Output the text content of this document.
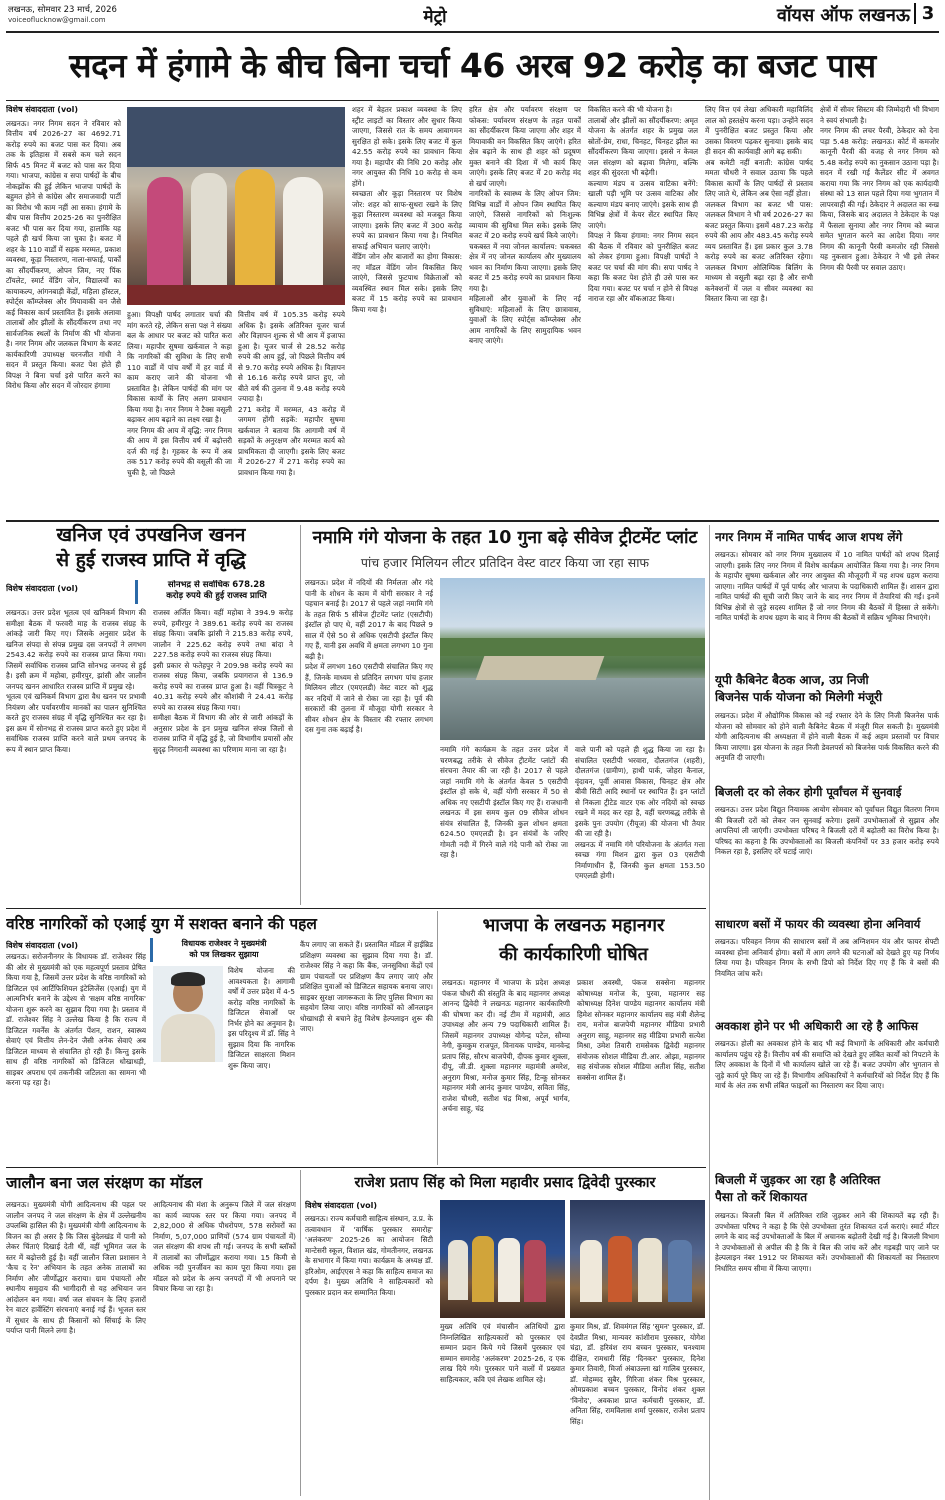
लखनऊ, सोमवार 23 मार्च, 2026
voiceoflucknow@gmail.com	मेट्रो	वॉयस ऑफ लखनऊ 3
सदन में हंगामे के बीच बिना चर्चा 46 अरब 92 करोड़ का बजट पास
विशेष संवाददाता (vol)
लखनऊ। नगर निगम सदन ने रविवार को वित्तीय वर्ष 2026-27 का 4692.71 करोड़ रुपये का बजट पास कर दिया। अब तक के इतिहास में सबसे कम चले सदन सिर्फ 45 मिनट में बजट को पास कर दिया गया। भाजपा, कांग्रेस व सपा पार्षदों के बीच नोकझोंक की हुई लेकिन भाजपा पार्षदों के बहुमत होने से कांग्रेस और समाजवादी पार्टी का विरोध भी काम नहीं आ सका। हंगामे के बीच पास वित्तीय 2025-26 का पुनरीक्षित बजट भी पास कर दिया गया, हालांकि यह पहले ही खर्च किया जा चुका है। बजट में शहर के 110 वार्डों में सड़क मरम्मत, प्रकाश व्यवस्था, कूड़ा निस्तारण, नाला-सफाई, पार्कों का सौंदर्यीकरण, ओपन जिम, नए पिंक टॉयलेट, स्मार्ट वेंडिंग जोन, विद्यालयों का कायाकल्प, आंगनबाड़ी केंद्रों, महिला हॉस्टल, स्पोर्ट्स कॉम्प्लेक्स और मियावाकी वन जैसे कई विकास कार्य प्रस्तावित हैं। इसके अलावा तालाबों और झीलों के सौंदर्यीकरण तथा नए सार्वजनिक स्थलों के निर्माण की भी योजना है। नगर निगम और जलकल विभाग के बजट कार्यकारिणी उपाध्यक्ष चरनजीत गांधी ने सदन में प्रस्तुत किया। बजट पेश होते ही विपक्ष ने बिना चर्चा इसे पारित करने का विरोध किया और सदन में जोरदार हंगामा
हुआ। विपक्षी पार्षद लगातार चर्चा की मांग करते रहे, लेकिन सत्ता पक्ष ने संख्या बल के आधार पर बजट को पारित करा लिया। महापौर सुषमा खर्कवाल ने कहा कि नागरिकों की सुविधा के लिए सभी 110 वार्डों में पांच वर्षों में हर वार्ड में काम कराए जाने की योजना भी प्रस्तावित है। लेकिन पार्षदों की मांग पर विकास कार्यों के लिए अलग प्रावधान किया गया है। नगर निगम ने टैक्स वसूली बढ़ाकर आय बढ़ाने का लक्ष्य रखा है।
नगर निगम की आय में वृद्धि: नगर निगम की आय में इस वित्तीय वर्ष में बढ़ोत्तरी दर्ज की गई है। गृहकर के रूप में अब तक 517 करोड़ रुपये की वसूली की जा चुकी है, जो पिछले
वित्तीय वर्ष में 105.35 करोड़ रुपये अधिक है। इसके अतिरिक्त यूजर चार्ज और विज्ञापन शुल्क से भी आय में इजाफा हुआ है। यूजर चार्ज से 28.52 करोड़ रुपये की आय हुई, जो पिछले वित्तीय वर्ष से 9.70 करोड़ रुपये अधिक है। विज्ञापन से 16.16 करोड़ रुपये प्राप्त हुए, जो बीते वर्ष की तुलना में 9.48 करोड़ रुपये ज्यादा है।
271 करोड़ में मरम्मत, 43 करोड़ में जगमग होंगी सड़कें: महापौर सुषमा खर्कवाल ने बताया कि आगामी वर्ष में सड़कों के अनुरक्षण और मरम्मत कार्य को प्राथमिकता दी जाएगी। इसके लिए बजट में 2026-27 में 271 करोड़ रुपये का प्रावधान किया गया है।
शहर में बेहतर प्रकाश व्यवस्था के लिए स्ट्रीट लाइटों का विस्तार और सुधार किया जाएगा, जिससे रात के समय आवागमन सुरक्षित हो सके। इसके लिए बजट में कुल 42.55 करोड़ रुपये का प्रावधान किया गया है। महापौर की निधि 20 करोड़ और नगर आयुक्त की निधि 10 करोड़ से कम होंगे।
स्वच्छता और कूड़ा निस्तारण पर विशेष जोर: शहर को साफ-सुथरा रखने के लिए कूड़ा निस्तारण व्यवस्था को मजबूत किया जाएगा। इसके लिए बजट में 300 करोड़ रुपये का प्रावधान किया गया है। नियमित सफाई अभियान चलाए जाएंगे।
वेंडिंग जोन और बाजारों का होगा विकास: नए मॉडल वेंडिंग जोन विकसित किए जाएंगे, जिससे फुटपाथ विक्रेताओं को व्यवस्थित स्थान मिल सके। इसके लिए बजट में 15 करोड़ रुपये का प्रावधान किया गया है।
हरित क्षेत्र और पर्यावरण संरक्षण पर फोकस: पर्यावरण संरक्षण के तहत पार्कों का सौंदर्यीकरण किया जाएगा और शहर में मियावाकी वन विकसित किए जाएंगे। हरित क्षेत्र बढ़ाने के साथ ही शहर को प्रदूषण मुक्त बनाने की दिशा में भी कार्य किए जाएंगे। इसके लिए बजट में 20 करोड़ मंद से खर्च जाएगे।
नागरिकों के स्वास्थ्य के लिए ओपन जिम: विभिन्न वार्डों में ओपन जिम स्थापित किए जाएंगे, जिससे नागरिकों को निःशुल्क व्यायाम की सुविधा मिल सके। इसके लिए बजट में 20 करोड़ रुपये खर्च किये जाएंगे।
चकबस्त में नया जोनल कार्यालय: चकबस्त क्षेत्र में नए जोनल कार्यालय और मुख्यालय भवन का निर्माण किया जाएगा। इसके लिए बजट में 25 करोड़ रुपये का प्रावधान किया गया है।
महिलाओं और युवाओं के लिए नई सुविधाएं: महिलाओं के लिए छात्रावास, युवाओं के लिए स्पोर्ट्स कॉम्प्लेक्स और आम नागरिकों के लिए सामुदायिक भवन बनाए जाएंगे।
विकसित करने की भी योजना है।
तालाबों और झीलों का सौंदर्यीकरण: अमृत योजना के अंतर्गत शहर के प्रमुख जल स्रोतों-प्रेम, राधा, चिनहट, चिनहट झील का सौंदर्यीकरण किया जाएगा। इससे न केवल जल संरक्षण को बढ़ावा मिलेगा, बल्कि शहर की सुंदरता भी बढ़ेगी।
कल्याण मंडप व उत्सव वाटिका बनेंगे: खाली पड़ी भूमि पर उत्सव वाटिका और कल्याण मंडप बनाए जाएंगे। इसके साथ ही विभिन्न क्षेत्रों में केयर सेंटर स्थापित किए जाएंगे।
विपक्ष ने किया हंगामा: नगर निगम सदन की बैठक में रविवार को पुनरीक्षित बजट को लेकर हंगामा हुआ। विपक्षी पार्षदों ने बजट पर चर्चा की मांग की। सपा पार्षद ने कहा कि बजट पेश होते ही उसे पास कर दिया गया। बजट पर चर्चा न होने से विपक्ष नाराज रहा और वॉकआउट किया।
लिए वित्त एवं लेखा अधिकारी महाविलिंद लाल को हस्तक्षेप करना पड़ा। उन्होंने सदन में पुनरीक्षित बजट प्रस्तुत किया और उसका विवरण पढ़कर सुनाया। इसके बाद ही सदन की कार्यवाही आगे बढ़ सकी।
अब कमेटी नहीं बनाती: कांग्रेस पार्षद ममता चौधरी ने सवाल उठाया कि पहले विकास कार्यों के लिए पार्षदों से प्रस्ताव लिए जाते थे, लेकिन अब ऐसा नहीं होता।
जलकल विभाग का बजट भी पास: जलकल विभाग ने भी वर्ष 2026-27 का बजट प्रस्तुत किया। इसमें 487.23 करोड़ रुपये की आय और 483.45 करोड़ रुपये व्यय प्रस्तावित हैं। इस प्रकार कुल 3.78 करोड़ रुपये का बजट अतिरिक्त रहेगा। जलकल विभाग ओलिम्पिक बिलिंग के माध्यम से वसूली बढ़ा रहा है और सभी कनेक्शनों में जल व सीवर व्यवस्था का विस्तार किया जा रहा है।
क्षेत्रों में सीवर सिस्टम की जिम्मेदारी भी विभाग ने स्वयं संभाली है।
नगर निगम की लचर पैरवी, ठेकेदार को देना पड़ा 5.48 करोड़: लखनऊ। कोर्ट में कमजोर कानूनी पैरवी की वजह से नगर निगम को 5.48 करोड़ रुपये का नुकसान उठाना पड़ा है। सदन में रखी गई कैलेंडर सीट में अवगत कराया गया कि नगर निगम को एक कार्यदायी संस्था को 13 साल पहले दिया गया भुगतान में लापरवाही की गई। ठेकेदार ने अदालत का रुख किया, जिसके बाद अदालत ने ठेकेदार के पक्ष में फैसला सुनाया और नगर निगम को ब्याज समेत भुगतान करने का आदेश दिया। नगर निगम की कानूनी पैरवी कमजोर रही जिससे यह नुकसान हुआ। ठेकेदार ने भी इसे लेकर निगम की पैरवी पर सवाल उठाए।
खनिज एवं उपखनिज खनन
से हुई राजस्व प्राप्ति में वृद्धि
विशेष संवाददाता (vol)	सोनभद्र से सर्वाधिक 678.28
करोड़ रुपये की हुई राजस्व प्राप्ति
लखनऊ। उत्तर प्रदेश भूतत्व एवं खनिकर्म विभाग की समीक्षा बैठक में फरवरी माह के राजस्व संग्रह के आंकड़े जारी किए गए। जिसके अनुसार प्रदेश के खनिज संपदा से संपन्न प्रमुख दस जनपदों ने लगभग 2543.42 करोड़ रुपये का राजस्व प्राप्त किया गया। जिसमें सर्वाधिक राजस्व प्राप्ति सोनभद्र जनपद से हुई है। इसी क्रम में महोबा, हमीरपुर, झांसी और जालौन जनपद खनन आधारित राजस्व प्राप्ति में प्रमुख रहे।
भूतत्व एवं खनिकर्म विभाग द्वारा वैध खनन पर प्रभावी नियंत्रण और पर्यावरणीय मानकों का पालन सुनिश्चित करते हुए राजस्व संग्रह में वृद्धि सुनिश्चित कर रहा है। इस क्रम में सोनभद्र से राजस्व प्राप्त करते हुए प्रदेश में सर्वाधिक राजस्व प्राप्ति करने वाले प्रथम जनपद के रूप में स्थान प्राप्त किया।
राजस्व अर्जित किया। वहीं महोबा ने 394.9 करोड़ रुपये, हमीरपुर ने 389.61 करोड़ रुपये का राजस्व संग्रह किया। जबकि झांसी ने 215.83 करोड़ रुपये, जालौन ने 225.62 करोड़ रुपये तथा बांदा ने 227.58 करोड़ रुपये का राजस्व संग्रह किया।
इसी प्रकार से फतेहपुर ने 209.98 करोड़ रुपये का राजस्व संग्रह किया, जबकि प्रयागराज से 136.9 करोड़ रुपये का राजस्व प्राप्त हुआ है। वहीं चित्रकूट ने 40.31 करोड़ रुपये और कौशांबी ने 24.41 करोड़ रुपये का राजस्व संग्रह किया गया।
समीक्षा बैठक में विभाग की ओर से जारी आंकड़ों के अनुसार प्रदेश के इन प्रमुख खनिज संपन्न जिलों से राजस्व प्राप्ति में वृद्धि हुई है, जो विभागीय प्रयासों और सुदृढ़ निगरानी व्यवस्था का परिणाम माना जा रहा है।
नमामि गंगे योजना के तहत 10 गुना बढ़े सीवेज ट्रीटमेंट प्लांट
पांच हजार मिलियन लीटर प्रतिदिन वेस्ट वाटर किया जा रहा साफ
लखनऊ। प्रदेश में नदियों की निर्मलता और गंदे पानी के शोधन के काम में योगी सरकार ने नई पहचान बनाई है। 2017 से पहले जहां नमामि गंगे के तहत सिर्फ 5 सीवेज ट्रीटमेंट प्लांट (एसटीपी) इंस्टॉल हो पाए थे, वहीं 2017 के बाद पिछले 9 साल में ऐसे 50 से अधिक एसटीपी इंस्टॉल किए गए हैं, यानी इस अवधि में क्षमता लगभग 10 गुना बढ़ी है।
प्रदेश में लगभग 160 एसटीपी संचालित किए गए हैं, जिनके माध्यम से प्रतिदिन लगभग पांच हजार मिलियन लीटर (एमएलडी) वेस्ट वाटर को शुद्ध कर नदियों में जाने से रोका जा रहा है। पूर्व की सरकारों की तुलना में मौजूदा योगी सरकार ने सीवर शोधन क्षेत्र के विस्तार की रफ्तार लगभग दस गुना तक बढ़ाई है।
नमामि गंगे कार्यक्रम के तहत उत्तर प्रदेश में चरणबद्ध तरीके से सीवेज ट्रीटमेंट प्लांटों की संरचना तैयार की जा रही है। 2017 से पहले जहां नमामि गंगे के अंतर्गत केवल 5 एसटीपी इंस्टॉल हो सके थे, वहीं योगी सरकार में 50 से अधिक नए एसटीपी इंस्टॉल किए गए हैं। राजधानी लखनऊ में इस समय कुल 09 सीवेज शोधन संयंत्र संचालित हैं, जिनकी कुल शोधन क्षमता 624.50 एमएलडी है। इन संयंत्रों के जरिए गोमती नदी में गिरने वाले गंदे पानी को रोका जा रहा है।
वाले पानी को पहले ही शुद्ध किया जा रहा है। संचालित एसटीपी भरवारा, दौलतगंज (शहरी), दौलतगंज (ग्रामीण), हाथी पार्क, जोहरा कैनाल, वृंदावन, पूर्वी आवास विकास, चिनहट क्षेत्र और बीवी सिटी आदि स्थानों पर स्थापित हैं। इन प्लांटों से निकला ट्रीटेड वाटर एक ओर नदियों को स्वच्छ रखने में मदद कर रहा है, वहीं चरणबद्ध तरीके से इसके पुनः उपयोग (रीयूज) की योजना भी तैयार की जा रही है।
लखनऊ में नमामि गंगे परियोजना के अंतर्गत गत्ता स्वच्छ गंगा मिशन द्वारा कुल 03 एसटीपी निर्माणाधीन हैं, जिनकी कुल क्षमता 153.50 एमएलडी होगी।
नगर निगम में नामित पार्षद आज शपथ लेंगे
लखनऊ। सोमवार को नगर निगम मुख्यालय में 10 नामित पार्षदों को शपथ दिलाई जाएगी। इसके लिए नगर निगम में विशेष कार्यक्रम आयोजित किया गया है। नगर निगम के महापौर सुषमा खर्कवाल और नगर आयुक्त की मौजूदगी में यह शपथ ग्रहण कराया जाएगा। नामित पार्षदों में पूर्व पार्षद और भाजपा के पदाधिकारी शामिल हैं। शासन द्वारा नामित पार्षदों की सूची जारी किए जाने के बाद नगर निगम में तैयारियां की गईं। इनमें विभिन्न क्षेत्रों से जुड़े सदस्य शामिल हैं जो नगर निगम की बैठकों में हिस्सा ले सकेंगे। नामित पार्षदों के शपथ ग्रहण के बाद वे निगम की बैठकों में सक्रिय भूमिका निभाएंगे।
यूपी कैबिनेट बैठक आज, उप्र निजी
बिजनेस पार्क योजना को मिलेगी मंजूरी
लखनऊ। प्रदेश में औद्योगिक विकास को नई रफ्तार देने के लिए निजी बिजनेस पार्क योजना को सोमवार को होने वाली कैबिनेट बैठक में मंजूरी मिल सकती है। मुख्यमंत्री योगी आदित्यनाथ की अध्यक्षता में होने वाली बैठक में कई अहम प्रस्तावों पर विचार किया जाएगा। इस योजना के तहत निजी डेवलपर्स को बिजनेस पार्क विकसित करने की अनुमति दी जाएगी।
बिजली दर को लेकर होगी पूर्वांचल में सुनवाई
लखनऊ। उत्तर प्रदेश विद्युत नियामक आयोग सोमवार को पूर्वांचल विद्युत वितरण निगम की बिजली दरों को लेकर जन सुनवाई करेगा। इसमें उपभोक्ताओं से सुझाव और आपत्तियां ली जाएंगी। उपभोक्ता परिषद ने बिजली दरों में बढ़ोतरी का विरोध किया है। परिषद का कहना है कि उपभोक्ताओं का बिजली कंपनियों पर 33 हजार करोड़ रुपये निकल रहा है, इसलिए दरें घटाई जाएं।
साधारण बसों में फायर की व्यवस्था होना अनिवार्य
लखनऊ। परिवहन निगम की साधारण बसों में अब अग्निशमन यंत्र और फायर सेफ्टी व्यवस्था होना अनिवार्य होगा। बसों में आग लगने की घटनाओं को देखते हुए यह निर्णय लिया गया है। परिवहन निगम के सभी डिपो को निर्देश दिए गए हैं कि वे बसों की नियमित जांच करें।
अवकाश होने पर भी अधिकारी आ रहे है आफिस
लखनऊ। होली का अवकाश होने के बाद भी कई विभागों के अधिकारी और कर्मचारी कार्यालय पहुंच रहे हैं। वित्तीय वर्ष की समाप्ति को देखते हुए लंबित कार्यों को निपटाने के लिए अवकाश के दिनों में भी कार्यालय खोले जा रहे हैं। बजट उपयोग और भुगतान से जुड़े कार्य पूरे किए जा रहे हैं। विभागीय अधिकारियों ने कर्मचारियों को निर्देश दिए हैं कि मार्च के अंत तक सभी लंबित फाइलों का निस्तारण कर दिया जाए।
बिजली में जुड़कर आ रहा है अतिरिक्त
पैसा तो करें शिकायत
लखनऊ। बिजली बिल में अतिरिक्त राशि जुड़कर आने की शिकायतें बढ़ रही हैं। उपभोक्ता परिषद ने कहा है कि ऐसे उपभोक्ता तुरंत शिकायत दर्ज कराएं। स्मार्ट मीटर लगने के बाद कई उपभोक्ताओं के बिल में अचानक बढ़ोतरी देखी गई है। बिजली विभाग ने उपभोक्ताओं से अपील की है कि वे बिल की जांच करें और गड़बड़ी पाए जाने पर हेल्पलाइन नंबर 1912 पर शिकायत करें। उपभोक्ताओं की शिकायतों का निस्तारण निर्धारित समय सीमा में किया जाएगा।
वरिष्ठ नागरिकों को एआई युग में सशक्त बनाने की पहल
विशेष संवाददाता (vol)	विधायक राजेश्वर ने मुख्यमंत्री
को पत्र लिखकर सुझाया
लखनऊ। सरोजनीनगर के विधायक डॉ. राजेश्वर सिंह की ओर से मुख्यमंत्री को एक महत्वपूर्ण प्रस्ताव प्रेषित किया गया है, जिसमें उत्तर प्रदेश के वरिष्ठ नागरिकों को डिजिटल एवं आर्टिफिशियल इंटेलिजेंस (एआई) युग में आत्मनिर्भर बनाने के उद्देश्य से 'सक्षम वरिष्ठ नागरिक' योजना शुरू करने का सुझाव दिया गया है। प्रस्ताव में डॉ. राजेश्वर सिंह ने उल्लेख किया है कि राज्य में डिजिटल गवर्नेंस के अंतर्गत पेंशन, राशन, स्वास्थ्य सेवाएं एवं वित्तीय लेन-देन जैसी अनेक सेवाएं अब डिजिटल माध्यम से संचालित हो रही हैं। किन्तु इसके साथ ही वरिष्ठ नागरिकों को डिजिटल धोखाधड़ी, साइबर अपराध एवं तकनीकी जटिलता का सामना भी करना पड़ रहा है।
विशेष योजना की आवश्यकता है। आगामी वर्षों में उत्तर प्रदेश में 4-5 करोड़ वरिष्ठ नागरिकों के डिजिटल सेवाओं पर निर्भर होने का अनुमान है। इस परिदृश्य में डॉ. सिंह ने सुझाव दिया कि नागरिक डिजिटल साक्षरता मिशन शुरू किया जाए।
कैंप लगाए जा सकते हैं। प्रस्तावित मॉडल में हाईब्रिड प्रशिक्षण व्यवस्था का सुझाव दिया गया है। डॉ. राजेश्वर सिंह ने कहा कि बैंक, जनसुविधा केंद्रों एवं ग्राम पंचायतों पर प्रशिक्षण कैंप लगाए जाएं और प्रशिक्षित युवाओं को डिजिटल सहायक बनाया जाए। साइबर सुरक्षा जागरूकता के लिए पुलिस विभाग का सहयोग लिया जाए। वरिष्ठ नागरिकों को ऑनलाइन धोखाधड़ी से बचाने हेतु विशेष हेल्पलाइन शुरू की जाए।
भाजपा के लखनऊ महानगर
की कार्यकारिणी घोषित
लखनऊ। महानगर में भाजपा के प्रदेश अध्यक्ष पंकज चौधरी की संस्तुति के बाद महानगर अध्यक्ष आनन्द द्विवेदी ने लखनऊ महानगर कार्यकारिणी की घोषणा कर दी। नई टीम में महामंत्री, आठ उपाध्यक्ष और अन्य 79 पदाधिकारी शामिल हैं। जिसमें महानगर उपाध्यक्ष योगेन्द्र पटेल, सौम्या नेगी, कुमकुम राजपूत, विनायक पाण्डेय, मानवेन्द्र प्रताप सिंह, सौरभ बाजपेयी, दीपक कुमार शुक्ला, दीपू, जी.डी. शुक्ला महानगर महामंत्री अमरेश, अनुराग मिश्रा, मनोज कुमार सिंह, टिन्कू सोनकर महानगर मंत्री आनंद कुमार पाण्डेय, सविता सिंह, राजेश चौधरी, सतीश चंद्र मिश्रा, अपूर्व भार्गव, अर्चना साहू, चंद्र
प्रकाश अवस्थी, पंकज सक्सेना महानगर कोषाध्यक्ष मनोज के, पुरवा, महानगर सह कोषाध्यक्ष दिनेश पाण्डेय महानगर कार्यालय मंत्री हिमेश सोनकर महानगर कार्यालय सह मंत्री शैलेन्द्र राय, मनोज बाजपेयी महानगर मीडिया प्रभारी अनुराग साहू, महानगर सह मीडिया प्रभारी सत्येश मिश्रा, उमेश तिवारी रामसेवक द्विवेदी महानगर संयोजक सोशल मीडिया टी.आर. ओझा, महानगर सह संयोजक सोशल मीडिया अतीश सिंह, सतीश सक्सेना शामिल हैं।
जालौन बना जल संरक्षण का मॉडल
लखनऊ। मुख्यमंत्री योगी आदित्यनाथ की पहल पर जालौन जनपद ने जल संरक्षण के क्षेत्र में उल्लेखनीय उपलब्धि हासिल की है। मुख्यमंत्री योगी आदित्यनाथ के विजन का ही असर है कि जिस बुंदेलखंड में पानी को लेकर चिंताएं दिखाई देती थीं, वहीं भूमिगत जल के स्तर में बढ़ोत्तरी हुई है। वहीं जालौन जिला प्रशासन ने 'कैच द रेन' अभियान के तहत अनेक तालाबों का निर्माण और जीर्णोद्धार कराया। ग्राम पंचायतों और स्थानीय समुदाय की भागीदारी से यह अभियान जन आंदोलन बन गया। वर्षा जल संचयन के लिए हजारों रेन वाटर हार्वेस्टिंग संरचनाएं बनाई गई हैं। भूजल स्तर में सुधार के साथ ही किसानों को सिंचाई के लिए पर्याप्त पानी मिलने लगा है।
आदित्यनाथ की मंशा के अनुरूप जिले में जल संरक्षण का कार्य व्यापक स्तर पर किया गया। जनपद में 2,82,000 से अधिक पौधरोपण, 578 सरोवरों का निर्माण, 5,07,000 प्राणियों (574 ग्राम पंचायतों में) जल संरक्षण की शपथ ली गई। जनपद के सभी ब्लॉकों में तालाबों का जीर्णोद्धार कराया गया। 15 किमी से अधिक नदी पुनर्जीवन का काम पूरा किया गया। इस मॉडल को प्रदेश के अन्य जनपदों में भी अपनाने पर विचार किया जा रहा है।
राजेश प्रताप सिंह को मिला महावीर प्रसाद द्विवेदी पुरस्कार
विशेष संवाददाता (vol)
लखनऊ। राज्य कर्मचारी साहित्य संस्थान, उ.प्र. के तत्वावधान में 'वार्षिक पुरस्कार समारोह' 'अलंकरण' 2025-26 का आयोजन सिटी मान्टेसरी स्कूल, विशाल खंड, गोमतीनगर, लखनऊ के सभागार में किया गया। कार्यक्रम के अध्यक्ष डॉ. हरिओम, आईएएस ने कहा कि साहित्य समाज का दर्पण है। मुख्य अतिथि ने साहित्यकारों को पुरस्कार प्रदान कर सम्मानित किया।
मुख्य अतिथि एवं मंचासीन अतिथियों द्वारा निम्नलिखित साहित्यकारों को पुरस्कार एवं सम्मान प्रदान किये गये जिसमें पुरस्कार एवं सम्मान समारोह 'अलंकरण' 2025-26, द एक लाख दिये गये। पुरस्कार पाने वालों में प्रख्यात साहित्यकार, कवि एवं लेखक शामिल रहे।
कुमार मिश्र, डॉ. शिवमंगल सिंह 'सुमन' पुरस्कार, डॉ. देवप्रीत मिश्रा, मान्यवर कांशीराम पुरस्कार, योगेश चंद्रा, डॉ. हरिवंश राय बच्चन पुरस्कार, घनश्याम दीक्षित, रामधारी सिंह 'दिनकर' पुरस्कार, दिनेश कुमार तिवारी, मिर्जा अंबाउल्ला खां गालिब पुरस्कार, डॉ. मोहम्मद सुबैर, गिरिजा शंकर मिश्र पुरस्कार, ओमप्रकाश बच्चन पुरस्कार, विनोद शंकर शुक्ल 'विनोद', अवकाश प्राप्त कर्मचारी पुरस्कार, डॉ. अनिता सिंह, रामविलास शर्मा पुरस्कार, राजेश प्रताप सिंह।
